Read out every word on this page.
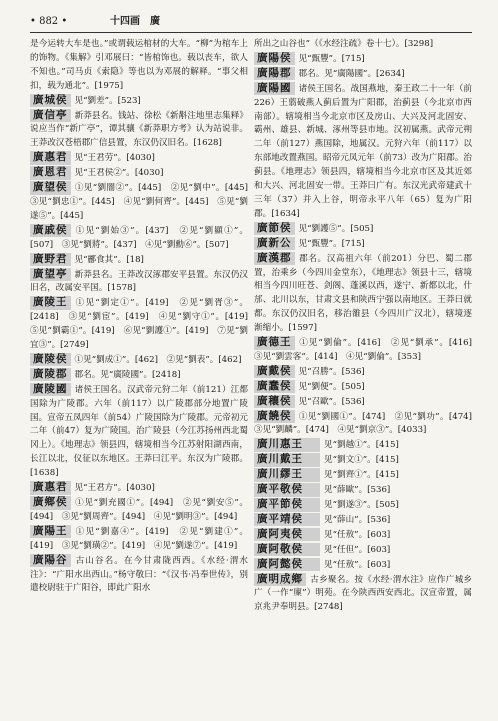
• 882 •	十四画 廣

是今运转大车是也。”或谓载运棺材的大车。“柳”为棺车上的饰物。《集解》引邓展曰：“皆棺饰也。载以丧车，欲人不知也。”司马贞《索隐》等也以为邓展的解释。“事父相扣，载为通北”。[1975]

廣城侯 见“劉差”。[523]

廣信亭 新莽县名。钱站、徐松《新斠注地里志集释》说应当作“新广亭”，谭其骧《新莽职方考》认为站说非。王莽改汉苍梧郡广信县置，东汉仍汉旧名。[1628]

廣惠君 见“王君劳”。[4030]

廣恩君 见“王君侯②”。[4030]

廣望侯 ①见“劉闇②”。[445]　②见“劉中”。[445]　③见“劉忠①”。[445]　④见“劉何齊”。[445]　⑤见“劉遂⑤”。[445]

廣戚侯 ①见“劉始③”。[437]　②见“劉顯①”。[507]　③见“劉將”。[437]　④见“劉勳⑥”。[507]

廣野君 见“酈食其”。[18]

廣望亭 新莽县名。王莽改汉涿郡安平县置。东汉仍汉旧名，改属安平国。[1578]

廣陵王 ①见“劉定①”。[419]　②见“劉胥③”。[2418]　③见“劉宦”。[419]　④见“劉守①”。[419]　⑤见“劉霸①”。[419]　⑥见“劉護①”。[419]　⑦见“劉宜③”。[2749]

廣陵侯 ①见“劉成①”。[462]　②见“劉表”。[462]

廣陵郡 郡名。见“廣陵國”。[2418]

廣陵國 诸侯王国名。汉武帝元狩二年（前121）江都国除为广陵郡。六年（前117）以广陵郡部分地置广陵国。宣帝五凤四年（前54）广陵国除为广陵郡。元帝初元二年（前47）复为广陵国。治广陵县（今江苏扬州西北蜀冈上）。《地理志》领县四，辖境相当今江苏射阳湖西南，长江以北，仪征以东地区。王莽曰江平。东汉为广陵郡。[1638]

廣惠君 见“王君方”。[4030]

廣鄉侯 ①见“劉充國①”。[494]　②见“劉安⑤”。[494]　③见“劉周齊”。[494]　④见“劉明③”。[494]

廣陽王 ①见“劉嘉④”。[419]　②见“劉建①”。[419]　③见“劉璜②”。[419]　④见“劉遂⑦”。[419]

廣陽谷 古山谷名。在今甘肃陇西西。《水经·渭水注》：“广阳水出西山。”杨守敬曰：“《汉书·冯奉世传》，别遣校尉驻于广阳谷，即此广阳水

所出之山谷也”（《水经注疏》卷十七）。[3298]

廣陽侯 见“甄豐”。[715]

廣陽郡 郡名。见“廣陽國”。[2634]

廣陽國 诸侯王国名。战国燕地，秦王政二十一年（前226）王翦破燕人蓟后置为广阳郡，治蓟县（今北京市西南部）。辖境相当今北京市区及房山、大兴及河北固安、霸州、雄县、新城、涿州等县市地。汉初属燕。武帝元朔二年（前127）燕国除，地属汉。元狩六年（前117）以东部地改置燕国。昭帝元凤元年（前73）改为广阳郡。治蓟县。《地理志》领县四，辖境相当今北京市区及其近郊和大兴、河北固安一带。王莽曰广有。东汉光武帝建武十三年（37）并入上谷，明帝永平八年（65）复为广阳郡。[1634]

廣節侯 见“劉護⑤”。[505]

廣新公 见“甄豐”。[715]

廣漢郡 郡名。汉高祖六年（前201）分巴、蜀二郡置，治乘乡（今四川金堂东），《地理志》领县十三，辖境相当今四川旺苍、剑阁、蓬溪以西，遂宁、新都以北，什邡、北川以东，甘肃文县和陕西宁强以南地区。王莽曰就都。东汉仍汉旧名，移治雒县（今四川广汉北），辖境逐渐缩小。[1597]

廣德王 ①见“劉倫”。[416]　②见“劉承”。[416]　③见“劉雲客”。[414]　④见“劉倫”。[353]

廣戴侯 见“召勝”。[536]

廣蠢侯 见“劉便”。[505]

廣穰侯 见“召歐”。[536]

廣饒侯 ①见“劉國①”。[474]　②见“劉功”。[474]　③见“劉麟”。[474]　④见“劉京③”。[4033]

廣川惠王 见“劉越①”。[415]

廣川戴王 见“劉文①”。[415]

廣川繆王 见“劉齊①”。[415]

廣平敬侯 见“薛歐”。[536]

廣平節侯 见“劉遂③”。[505]

廣平靖侯 见“薛山”。[536]

廣阿夷侯 见“任敖”。[603]

廣阿敬侯 见“任但”。[603]

廣阿懿侯 见“任敖”。[603]

廣明成鄉 古乡聚名。按《水经·渭水注》应作广城乡广（一作“廩”）明苑。在今陕西西安西北。汉宣帝置，属京兆尹奉明县。[2748]
